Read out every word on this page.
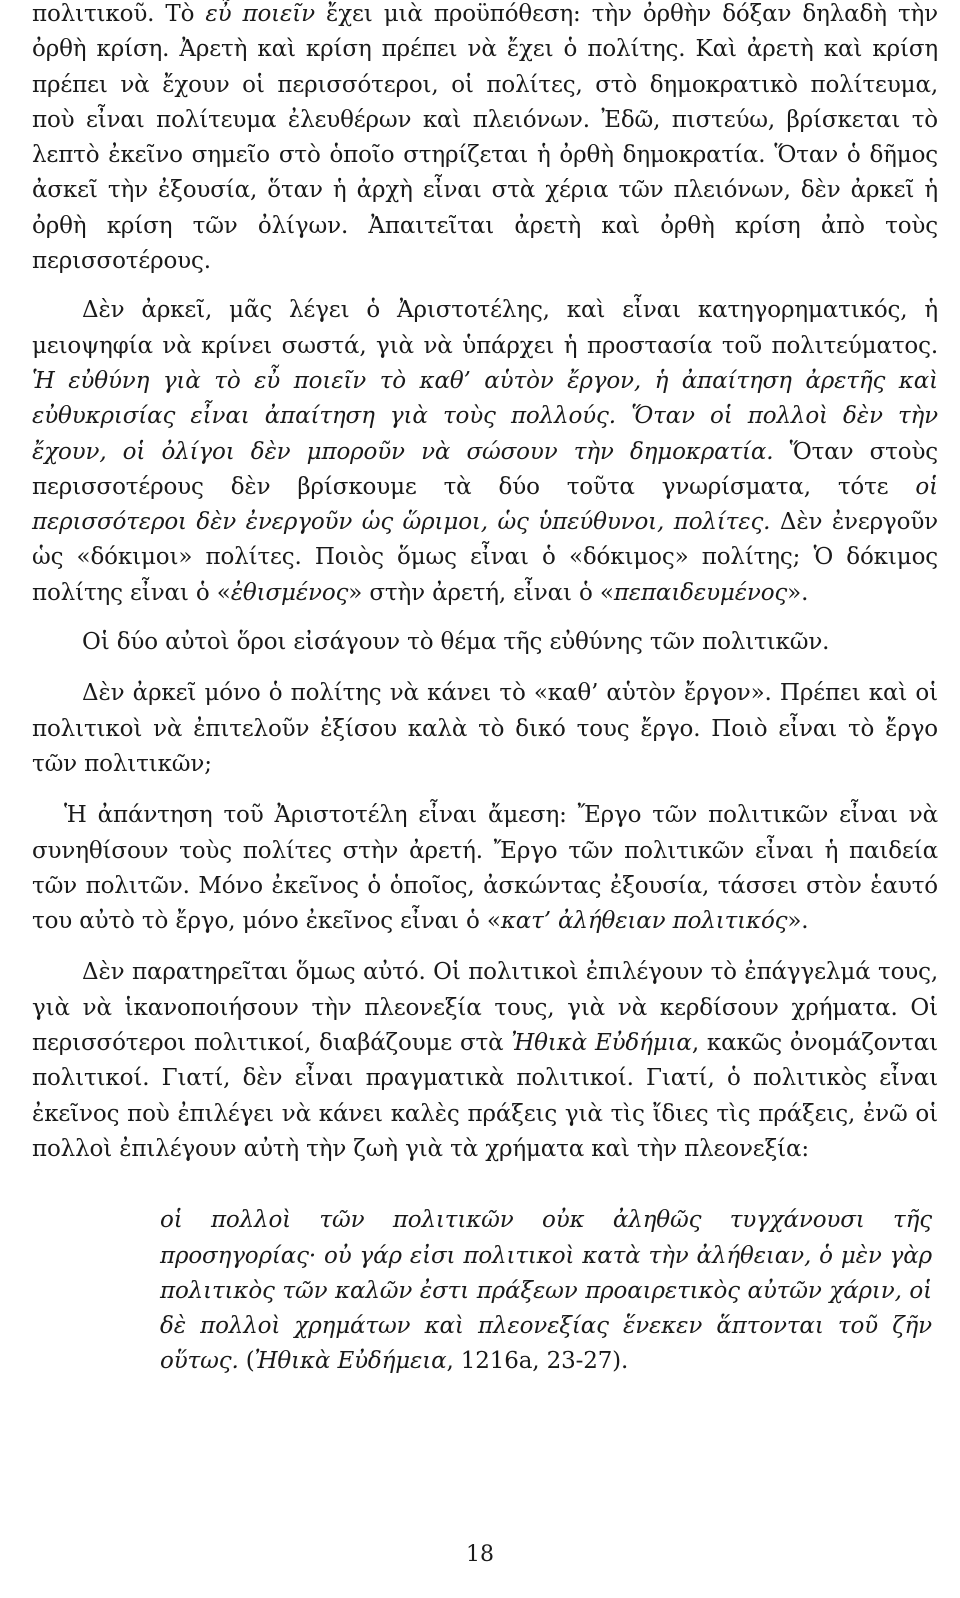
πολιτικοῦ. Τὸ εὖ ποιεῖν ἔχει μιὰ προϋπόθεση: τὴν ὀρθὴν δόξαν δηλαδὴ τὴν ὀρθὴ κρίση. Ἀρετὴ καὶ κρίση πρέπει νὰ ἔχει ὁ πολίτης. Καὶ ἀρετὴ καὶ κρίση πρέπει νὰ ἔχουν οἱ περισσότεροι, οἱ πολίτες, στὸ δημοκρατικὸ πολίτευμα, ποὺ εἶναι πολίτευμα ἐλευθέρων καὶ πλειόνων. Ἐδῶ, πιστεύω, βρίσκεται τὸ λεπτὸ ἐκεῖνο σημεῖο στὸ ὁποῖο στηρίζεται ἡ ὀρθὴ δημοκρατία. Ὅταν ὁ δῆμος ἀσκεῖ τὴν ἐξουσία, ὅταν ἡ ἀρχὴ εἶναι στὰ χέρια τῶν πλειόνων, δὲν ἀρκεῖ ἡ ὀρθὴ κρίση τῶν ὀλίγων. Ἀπαιτεῖται ἀρετὴ καὶ ὀρθὴ κρίση ἀπὸ τοὺς περισσοτέρους.

Δὲν ἀρκεῖ, μᾶς λέγει ὁ Ἀριστοτέλης, καὶ εἶναι κατηγορηματικός, ἡ μειοψηφία νὰ κρίνει σωστά, γιὰ νὰ ὑπάρχει ἡ προστασία τοῦ πολιτεύματος. Ἡ εὐθύνη γιὰ τὸ εὖ ποιεῖν τὸ καθ’ αὑτὸν ἔργον, ἡ ἀπαίτηση ἀρετῆς καὶ εὐθυκρισίας εἶναι ἀπαίτηση γιὰ τοὺς πολλούς. Ὅταν οἱ πολλοὶ δὲν τὴν ἔχουν, οἱ ὀλίγοι δὲν μποροῦν νὰ σώσουν τὴν δημοκρατία. Ὅταν στοὺς περισσοτέρους δὲν βρίσκουμε τὰ δύο τοῦτα γνωρίσματα, τότε οἱ περισσότεροι δὲν ἐνεργοῦν ὡς ὥριμοι, ὡς ὑπεύθυνοι, πολίτες. Δὲν ἐνεργοῦν ὡς «δόκιμοι» πολίτες. Ποιὸς ὅμως εἶναι ὁ «δόκιμος» πολίτης; Ὁ δόκιμος πολίτης εἶναι ὁ «ἐθισμένος» στὴν ἀρετή, εἶναι ὁ «πεπαιδευμένος».

Οἱ δύο αὐτοὶ ὅροι εἰσάγουν τὸ θέμα τῆς εὐθύνης τῶν πολιτικῶν.

Δὲν ἀρκεῖ μόνο ὁ πολίτης νὰ κάνει τὸ «καθ’ αὑτὸν ἔργον». Πρέπει καὶ οἱ πολιτικοὶ νὰ ἐπιτελοῦν ἐξίσου καλὰ τὸ δικό τους ἔργο. Ποιὸ εἶναι τὸ ἔργο τῶν πολιτικῶν;

Ἡ ἀπάντηση τοῦ Ἀριστοτέλη εἶναι ἄμεση: Ἔργο τῶν πολιτικῶν εἶναι νὰ συνηθίσουν τοὺς πολίτες στὴν ἀρετή. Ἔργο τῶν πολιτικῶν εἶναι ἡ παιδεία τῶν πολιτῶν. Μόνο ἐκεῖνος ὁ ὁποῖος, ἀσκώντας ἐξουσία, τάσσει στὸν ἑαυτό του αὐτὸ τὸ ἔργο, μόνο ἐκεῖνος εἶναι ὁ «κατ’ ἀλήθειαν πολιτικός».

Δὲν παρατηρεῖται ὅμως αὐτό. Οἱ πολιτικοὶ ἐπιλέγουν τὸ ἐπάγγελμά τους, γιὰ νὰ ἱκανοποιήσουν τὴν πλεονεξία τους, γιὰ νὰ κερδίσουν χρήματα. Οἱ περισσότεροι πολιτικοί, διαβάζουμε στὰ Ἠθικὰ Εὐδήμια, κακῶς ὀνομάζονται πολιτικοί. Γιατί, δὲν εἶναι πραγματικὰ πολιτικοί. Γιατί, ὁ πολιτικὸς εἶναι ἐκεῖνος ποὺ ἐπιλέγει νὰ κάνει καλὲς πράξεις γιὰ τὶς ἴδιες τὶς πράξεις, ἐνῶ οἱ πολλοὶ ἐπιλέγουν αὐτὴ τὴν ζωὴ γιὰ τὰ χρήματα καὶ τὴν πλεονεξία:

οἱ πολλοὶ τῶν πολιτικῶν οὐκ ἀληθῶς τυγχάνουσι τῆς προσηγορίας· οὐ γάρ εἰσι πολιτικοὶ κατὰ τὴν ἀλήθειαν, ὁ μὲν γὰρ πολιτικὸς τῶν καλῶν ἐστι πράξεων προαιρετικὸς αὐτῶν χάριν, οἱ δὲ πολλοὶ χρημάτων καὶ πλεονεξίας ἕνεκεν ἅπτονται τοῦ ζῆν οὕτως. (Ἠθικὰ Εὐδήμεια, 1216a, 23-27).

18
